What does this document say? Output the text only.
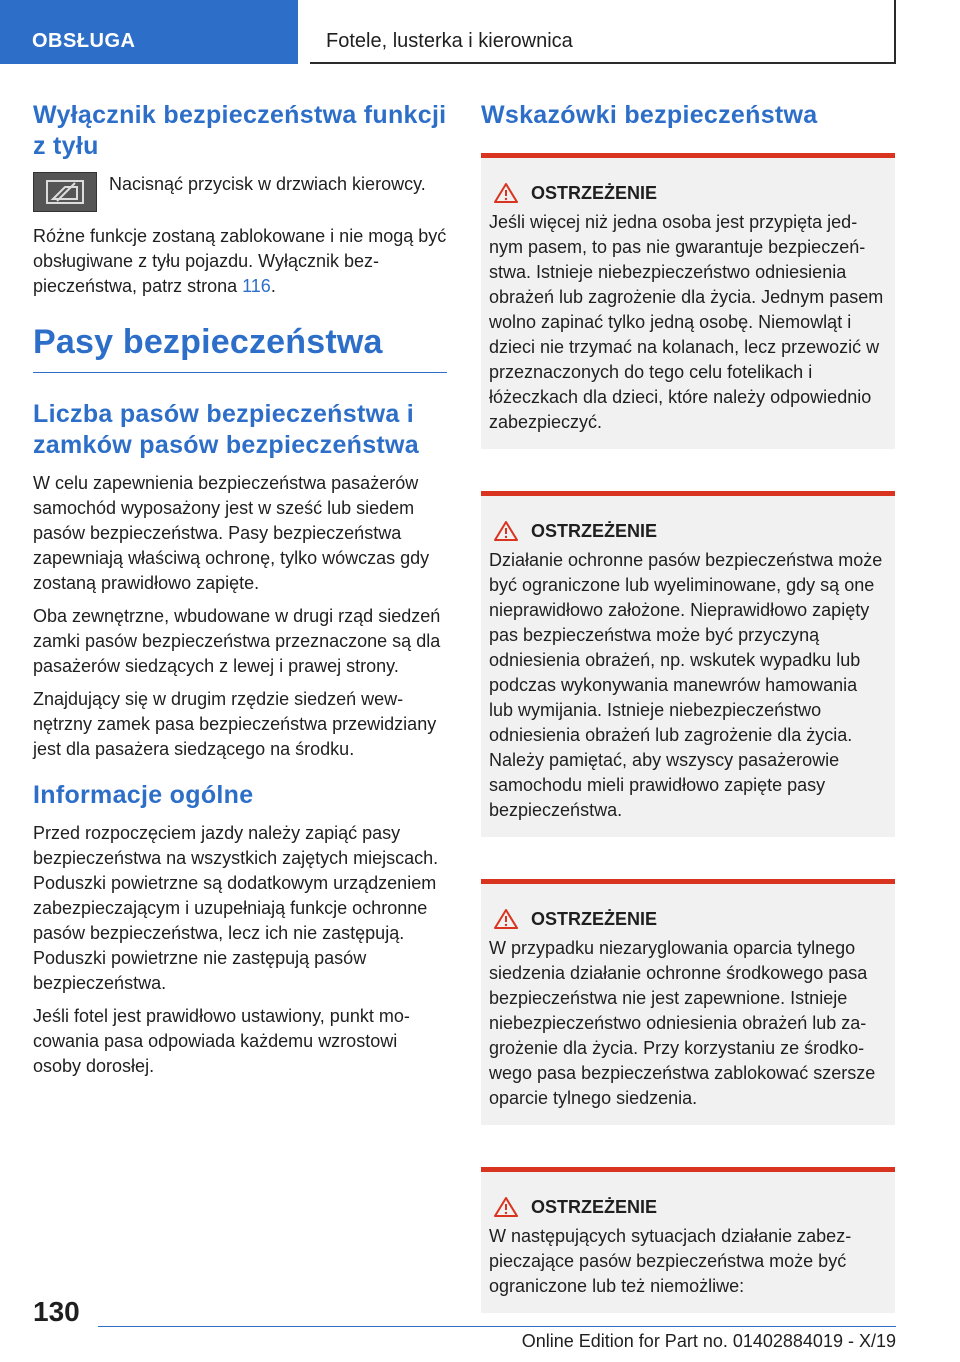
OBSŁUGA	Fotele, lusterka i kierownica
Wyłącznik bezpieczeństwa funkcji z tyłu

Nacisnąć przycisk w drzwiach kierowcy.

Różne funkcje zostaną zablokowane i nie mogą być obsługiwane z tyłu pojazdu. Wyłącznik bezpieczeństwa, patrz strona 116.

Pasy bezpieczeństwa
Liczba pasów bezpieczeństwa i zamków pasów bezpieczeństwa

W celu zapewnienia bezpieczeństwa pasażerów samochód wyposażony jest w sześć lub siedem pasów bezpieczeństwa. Pasy bezpieczeństwa zapewniają właściwą ochronę, tylko wówczas gdy zostaną prawidłowo zapięte.

Oba zewnętrzne, wbudowane w drugi rząd siedzeń zamki pasów bezpieczeństwa przeznaczone są dla pasażerów siedzących z lewej i prawej strony.

Znajdujący się w drugim rzędzie siedzeń wewnętrzny zamek pasa bezpieczeństwa przewidziany jest dla pasażera siedzącego na środku.

Informacje ogólne

Przed rozpoczęciem jazdy należy zapiąć pasy bezpieczeństwa na wszystkich zajętych miejscach. Poduszki powietrzne są dodatkowym urządzeniem zabezpieczającym i uzupełniają funkcje ochronne pasów bezpieczeństwa, lecz ich nie zastępują. Poduszki powietrzne nie zastępują pasów bezpieczeństwa.

Jeśli fotel jest prawidłowo ustawiony, punkt mocowania pasa odpowiada każdemu wzrostowi osoby dorosłej.

Wskazówki bezpieczeństwa
OSTRZEŻENIE

Jeśli więcej niż jedna osoba jest przypięta jednym pasem, to pas nie gwarantuje bezpieczeństwa. Istnieje niebezpieczeństwo odniesienia obrażeń lub zagrożenie dla życia. Jednym pasem wolno zapinać tylko jedną osobę. Niemowląt i dzieci nie trzymać na kolanach, lecz przewozić w przeznaczonych do tego celu fotelikach i łóżeczkach dla dzieci, które należy odpowiednio zabezpieczyć.

OSTRZEŻENIE

Działanie ochronne pasów bezpieczeństwa może być ograniczone lub wyeliminowane, gdy są one nieprawidłowo założone. Nieprawidłowo zapięty pas bezpieczeństwa może być przyczyną odniesienia obrażeń, np. wskutek wypadku lub podczas wykonywania manewrów hamowania lub wymijania. Istnieje niebezpieczeństwo odniesienia obrażeń lub zagrożenie dla życia. Należy pamiętać, aby wszyscy pasażerowie samochodu mieli prawidłowo zapięte pasy bezpieczeństwa.

OSTRZEŻENIE

W przypadku niezaryglowania oparcia tylnego siedzenia działanie ochronne środkowego pasa bezpieczeństwa nie jest zapewnione. Istnieje niebezpieczeństwo odniesienia obrażeń lub zagrożenie dla życia. Przy korzystaniu ze środkowego pasa bezpieczeństwa zablokować szersze oparcie tylnego siedzenia.

OSTRZEŻENIE

W następujących sytuacjach działanie zabezpieczające pasów bezpieczeństwa może być ograniczone lub też niemożliwe:

130
Online Edition for Part no. 01402884019 - X/19
